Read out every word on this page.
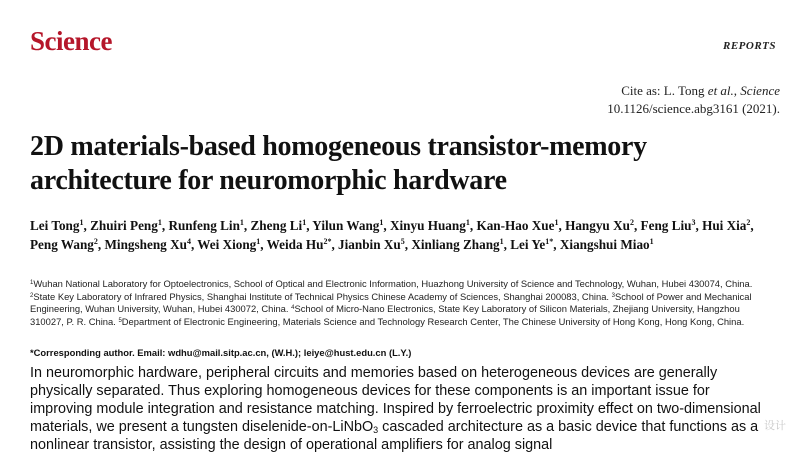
Science	REPORTS
Cite as: L. Tong et al., Science
10.1126/science.abg3161 (2021).
2D materials-based homogeneous transistor-memory architecture for neuromorphic hardware
Lei Tong$^1$, Zhuiri Peng$^1$, Runfeng Lin$^1$, Zheng Li$^1$, Yilun Wang$^1$, Xinyu Huang$^1$, Kan-Hao Xue$^1$, Hangyu Xu$^2$, Feng Liu$^3$, Hui Xia$^2$, Peng Wang$^2$, Mingsheng Xu$^4$, Wei Xiong$^1$, Weida $Hu^{2*}$, Jianbin Xu$^5$, Xinliang Zhang$^1$, Lei $Ye^{1*}$, Xiangshui Miao$^1$
$^1$Wuhan National Laboratory for Optoelectronics, School of Optical and Electronic Information, Huazhong University of Science and Technology, Wuhan, Hubei 430074, China. $^2$State Key Laboratory of Infrared Physics, Shanghai Institute of Technical Physics Chinese Academy of Sciences, Shanghai 200083, China. $^3$School of Power and Mechanical Engineering, Wuhan University, Wuhan, Hubei 430072, China. $^4$School of Micro-Nano Electronics, State Key Laboratory of Silicon Materials, Zhejiang University, Hangzhou 310027, P. R. China. $^5$Department of Electronic Engineering, Materials Science and Technology Research Center, The Chinese University of Hong Kong, Hong Kong, China.
*Corresponding author. Email: wdhu@mail.sitp.ac.cn, (W.H.); leiye@hust.edu.cn (L.Y.)
In neuromorphic hardware, peripheral circuits and memories based on heterogeneous devices are generally physically separated. Thus exploring homogeneous devices for these components is an important issue for improving module integration and resistance matching. Inspired by ferroelectric proximity effect on two-dimensional materials, we present a tungsten diselenide-on-LiNbO$_3$ cascaded architecture as a basic device that functions as a nonlinear transistor, assisting the design of operational amplifiers for analog signal
设计
